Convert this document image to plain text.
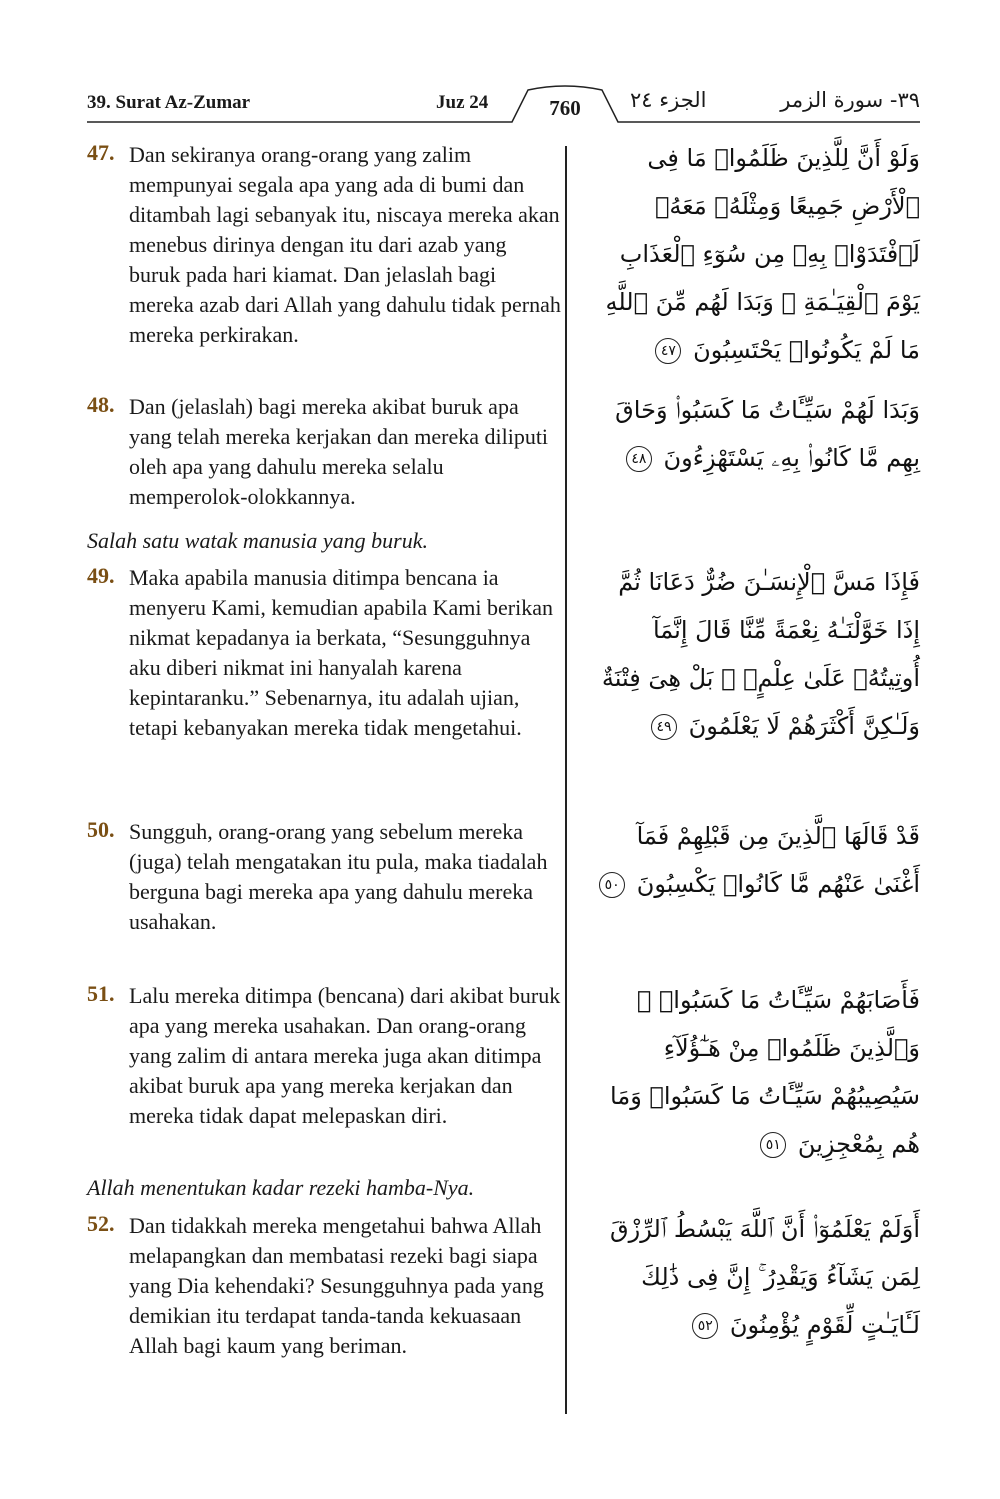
39. Surat Az-Zumar	Juz 24	760	الجزء ٢٤	٣٩- سورة الزمر
47. Dan sekiranya orang-orang yang zalim mempunyai segala apa yang ada di bumi dan ditambah lagi sebanyak itu, niscaya mereka akan menebus dirinya dengan itu dari azab yang buruk pada hari kiamat. Dan jelaslah bagi mereka azab dari Allah yang dahulu tidak pernah mereka perkirakan.
وَلَوْ أَنَّ لِلَّذِينَ ظَلَمُوا۟ مَا فِى ٱلْأَرْضِ جَمِيعًا وَمِثْلَهُۥ مَعَهُۥ لَٱفْتَدَوْا۟ بِهِۦ مِن سُوٓءِ ٱلْعَذَابِ يَوْمَ ٱلْقِيَـٰمَةِ ۚ وَبَدَا لَهُم مِّنَ ٱللَّهِ مَا لَمْ يَكُونُوا۟ يَحْتَسِبُونَ ٤٧
48. Dan (jelaslah) bagi mereka akibat buruk apa yang telah mereka kerjakan dan mereka diliputi oleh apa yang dahulu mereka selalu memperolok-olokkannya.
وَبَدَا لَهُمْ سَيِّـَٔاتُ مَا كَسَبُوا۟ وَحَاقَ بِهِم مَّا كَانُوا۟ بِهِۦ يَسْتَهْزِءُونَ ٤٨
Salah satu watak manusia yang buruk.
49. Maka apabila manusia ditimpa bencana ia menyeru Kami, kemudian apabila Kami berikan nikmat kepadanya ia berkata, “Sesungguhnya aku diberi nikmat ini hanyalah karena kepintaranku.” Sebenarnya, itu adalah ujian, tetapi kebanyakan mereka tidak mengetahui.
فَإِذَا مَسَّ ٱلْإِنسَـٰنَ ضُرٌّ دَعَانَا ثُمَّ إِذَا خَوَّلْنَـٰهُ نِعْمَةً مِّنَّا قَالَ إِنَّمَآ أُوتِيتُهُۥ عَلَىٰ عِلْمٍۭ ۚ بَلْ هِىَ فِتْنَةٌ وَلَـٰكِنَّ أَكْثَرَهُمْ لَا يَعْلَمُونَ ٤٩
50. Sungguh, orang-orang yang sebelum mereka (juga) telah mengatakan itu pula, maka tiadalah berguna bagi mereka apa yang dahulu mereka usahakan.
قَدْ قَالَهَا ٱلَّذِينَ مِن قَبْلِهِمْ فَمَآ أَغْنَىٰ عَنْهُم مَّا كَانُوا۟ يَكْسِبُونَ ٥٠
51. Lalu mereka ditimpa (bencana) dari akibat buruk apa yang mereka usahakan. Dan orang-orang yang zalim di antara mereka juga akan ditimpa akibat buruk apa yang mereka kerjakan dan mereka tidak dapat melepaskan diri.
فَأَصَابَهُمْ سَيِّـَٔاتُ مَا كَسَبُوا۟ ۚ وَٱلَّذِينَ ظَلَمُوا۟ مِنْ هَـٰٓؤُلَآءِ سَيُصِيبُهُمْ سَيِّـَٔاتُ مَا كَسَبُوا۟ وَمَا هُم بِمُعْجِزِينَ ٥١
Allah menentukan kadar rezeki hamba-Nya.
52. Dan tidakkah mereka mengetahui bahwa Allah melapangkan dan membatasi rezeki bagi siapa yang Dia kehendaki? Sesungguhnya pada yang demikian itu terdapat tanda-tanda kekuasaan Allah bagi kaum yang beriman.
أَوَلَمْ يَعْلَمُوٓا۟ أَنَّ ٱللَّهَ يَبْسُطُ ٱلرِّزْقَ لِمَن يَشَآءُ وَيَقْدِرُ ۚ إِنَّ فِى ذَٰلِكَ لَـَٔايَـٰتٍ لِّقَوْمٍ يُؤْمِنُونَ ٥٢
